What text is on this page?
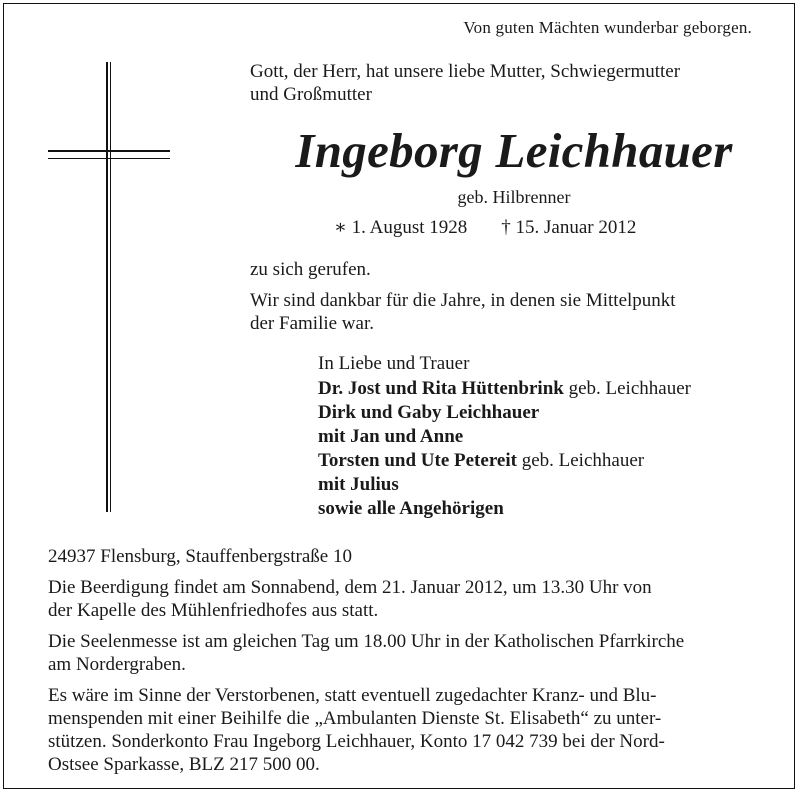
Von guten Mächten wunderbar geborgen.
Gott, der Herr, hat unsere liebe Mutter, Schwiegermutter
und Großmutter
Ingeborg Leichhauer
geb. Hilbrenner
∗ 1. August 1928 † 15. Januar 2012
zu sich gerufen.
Wir sind dankbar für die Jahre, in denen sie Mittelpunkt
der Familie war.
In Liebe und Trauer
Dr. Jost und Rita Hüttenbrink geb. Leichhauer
Dirk und Gaby Leichhauer
mit Jan und Anne
Torsten und Ute Petereit geb. Leichhauer
mit Julius
sowie alle Angehörigen

24937 Flensburg, Stauffenbergstraße 10

Die Beerdigung findet am Sonnabend, dem 21. Januar 2012, um 13.30 Uhr von
der Kapelle des Mühlenfriedhofes aus statt.

Die Seelenmesse ist am gleichen Tag um 18.00 Uhr in der Katholischen Pfarrkirche
am Nordergraben.

Es wäre im Sinne der Verstorbenen, statt eventuell zugedachter Kranz- und Blu-
menspenden mit einer Beihilfe die „Ambulanten Dienste St. Elisabeth“ zu unter-
stützen. Sonderkonto Frau Ingeborg Leichhauer, Konto 17 042 739 bei der Nord-
Ostsee Sparkasse, BLZ 217 500 00.
